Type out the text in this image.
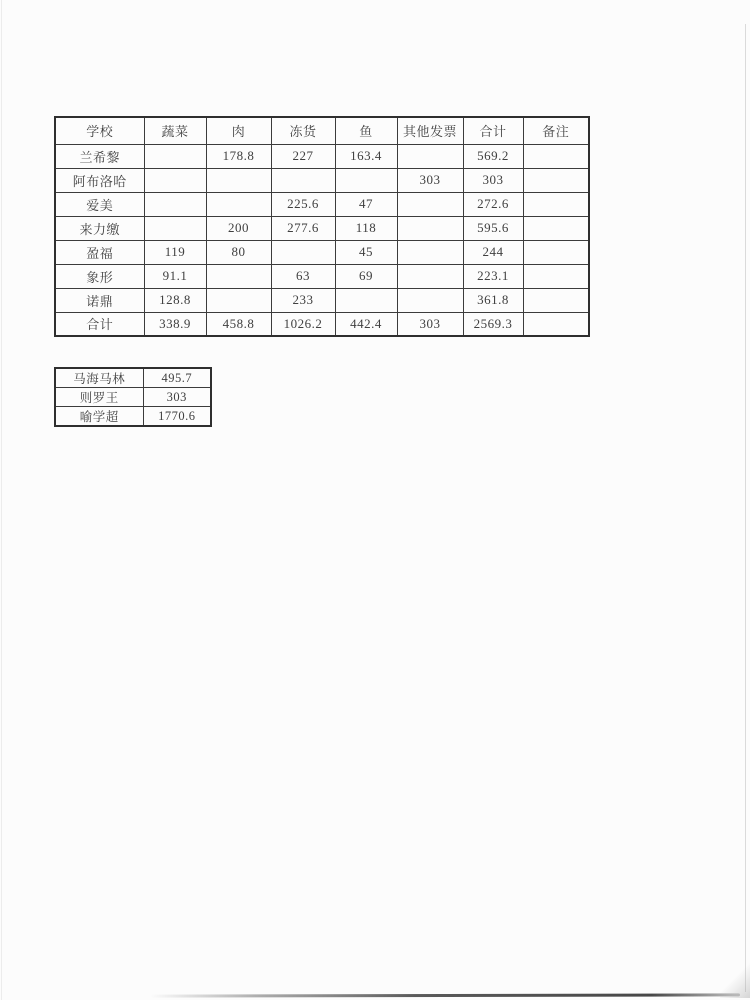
学校	蔬菜	肉	冻货	鱼	其他发票	合计	备注
兰希黎		178.8	227	163.4		569.2	
阿布洛哈					303	303	
爱美			225.6	47		272.6	
来力缴		200	277.6	118		595.6	
盈福	119	80		45		244	
象形	91.1		63	69		223.1	
诺鼎	128.8		233			361.8	
合计	338.9	458.8	1026.2	442.4	303	2569.3	
马海马林	495.7
则罗王	303
喻学超	1770.6
